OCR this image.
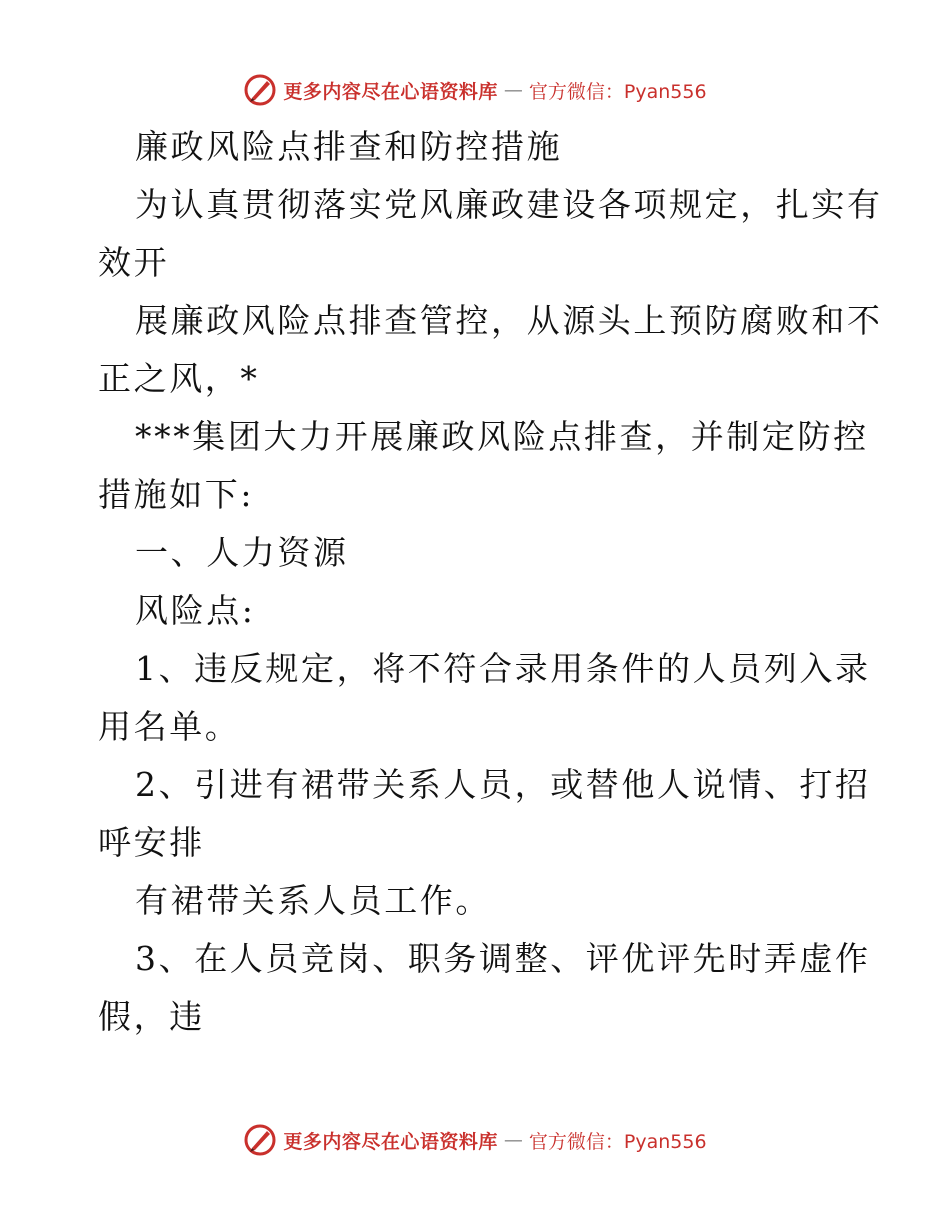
更多内容尽在心语资料库 — 官方微信：Pyan556
廉政风险点排查和防控措施
为认真贯彻落实党风廉政建设各项规定，扎实有
效开
展廉政风险点排查管控，从源头上预防腐败和不
正之风，*
***集团大力开展廉政风险点排查，并制定防控
措施如下:
一、人力资源
风险点:
1、违反规定，将不符合录用条件的人员列入录
用名单。
2、引进有裙带关系人员，或替他人说情、打招
呼安排
有裙带关系人员工作。
3、在人员竞岗、职务调整、评优评先时弄虚作
假，违
更多内容尽在心语资料库 — 官方微信：Pyan556
